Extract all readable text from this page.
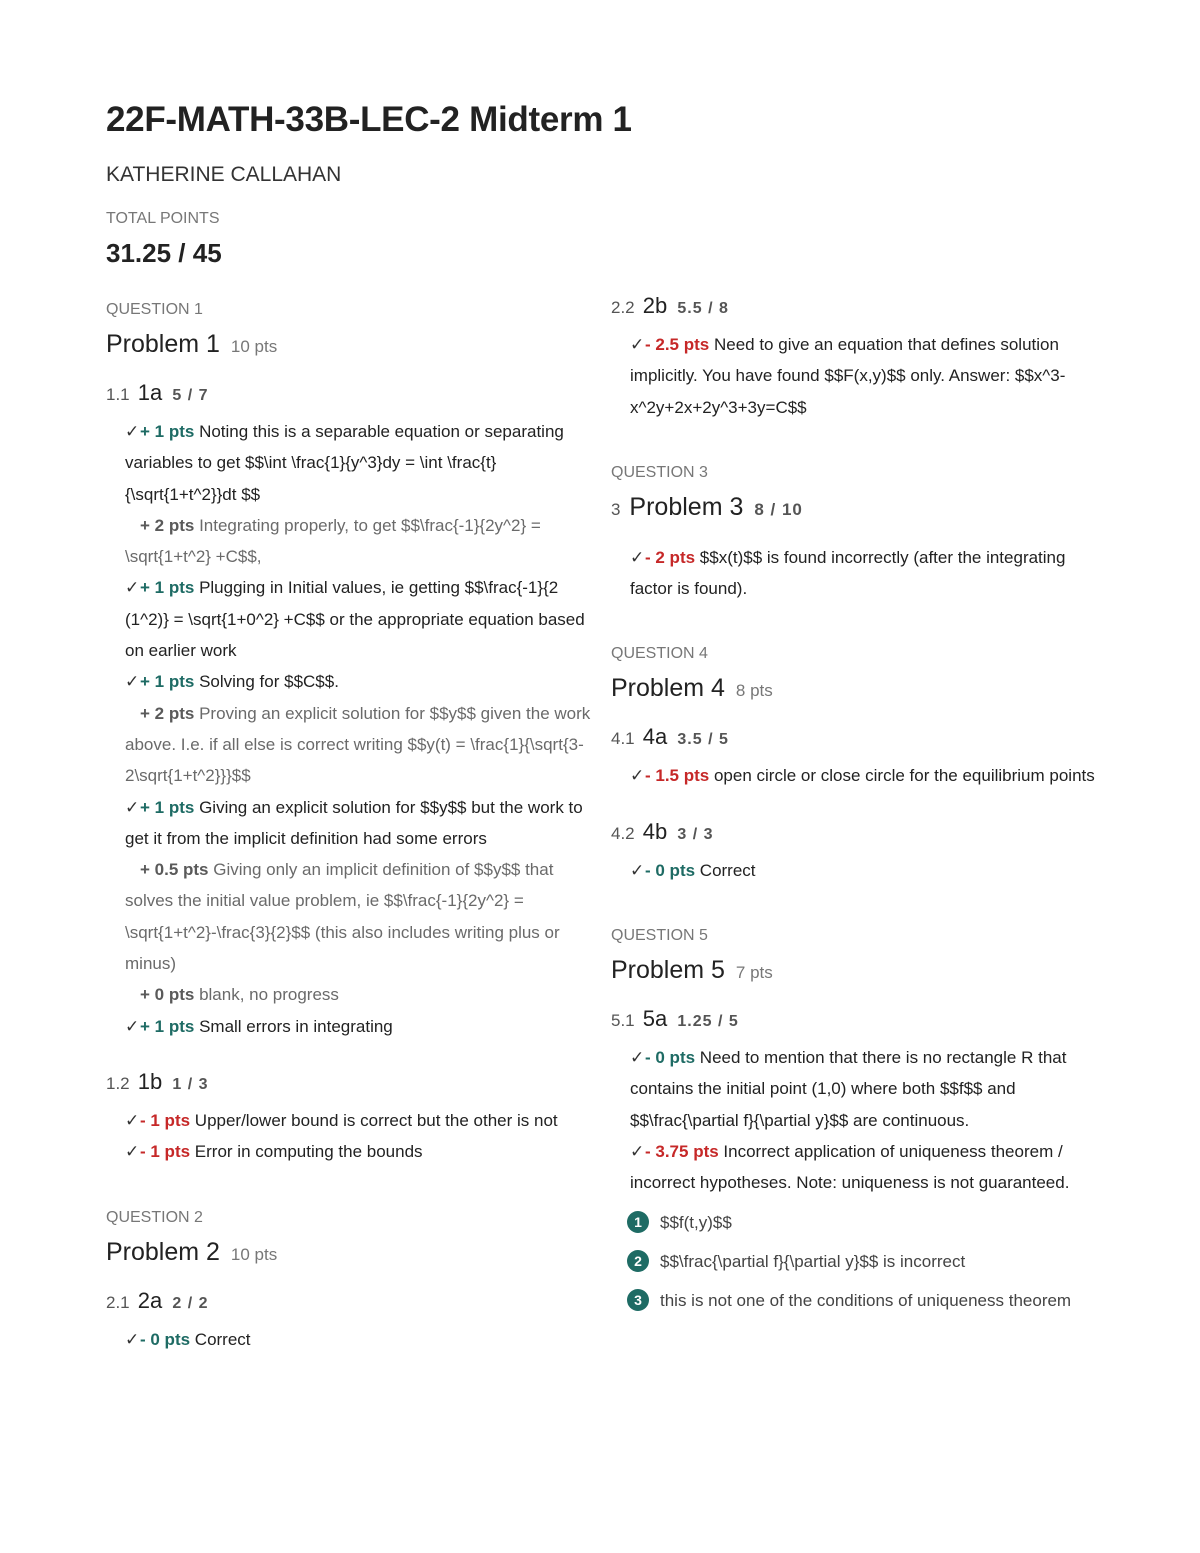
22F-MATH-33B-LEC-2 Midterm 1
KATHERINE CALLAHAN
TOTAL POINTS
31.25 / 45
QUESTION 1
Problem 1 10 pts
1.1 1a 5 / 7
✓+ 1 pts Noting this is a separable equation or separating variables to get $$\int \frac{1}{y^3}dy = \int \frac{t}{\sqrt{1+t^2}}dt $$
+ 2 pts Integrating properly, to get $$\frac{-1}{2y^2} = \sqrt{1+t^2} +C$$,
✓+ 1 pts Plugging in Initial values, ie getting $$\frac{-1}{2 (1^2)} = \sqrt{1+0^2} +C$$ or the appropriate equation based on earlier work
✓+ 1 pts Solving for $$C$$.
+ 2 pts Proving an explicit solution for $$y$$ given the work above. I.e. if all else is correct writing $$y(t) = \frac{1}{\sqrt{3-2\sqrt{1+t^2}}}$$
✓+ 1 pts Giving an explicit solution for $$y$$ but the work to get it from the implicit definition had some errors
+ 0.5 pts Giving only an implicit definition of $$y$$ that solves the initial value problem, ie $$\frac{-1}{2y^2} = \sqrt{1+t^2}-\frac{3}{2}$$ (this also includes writing plus or minus)
+ 0 pts blank, no progress
✓+ 1 pts Small errors in integrating
1.2 1b 1 / 3
✓- 1 pts Upper/lower bound is correct but the other is not
✓- 1 pts Error in computing the bounds
QUESTION 2
Problem 2 10 pts
2.1 2a 2 / 2
✓- 0 pts Correct
2.2 2b 5.5 / 8
✓- 2.5 pts Need to give an equation that defines solution implicitly. You have found $$F(x,y)$$ only. Answer: $$x^3-x^2y+2x+2y^3+3y=C$$
QUESTION 3
3 Problem 3 8 / 10
✓- 2 pts $$x(t)$$ is found incorrectly (after the integrating factor is found).
QUESTION 4
Problem 4 8 pts
4.1 4a 3.5 / 5
✓- 1.5 pts open circle or close circle for the equilibrium points
4.2 4b 3 / 3
✓- 0 pts Correct
QUESTION 5
Problem 5 7 pts
5.1 5a 1.25 / 5
✓- 0 pts Need to mention that there is no rectangle R that contains the initial point (1,0) where both $$f$$ and $$\frac{\partial f}{\partial y}$$ are continuous.
✓- 3.75 pts Incorrect application of uniqueness theorem / incorrect hypotheses. Note: uniqueness is not guaranteed.
1	$$f(t,y)$$
2	$$\frac{\partial f}{\partial y}$$ is incorrect
3 this is not one of the conditions of uniqueness theorem
